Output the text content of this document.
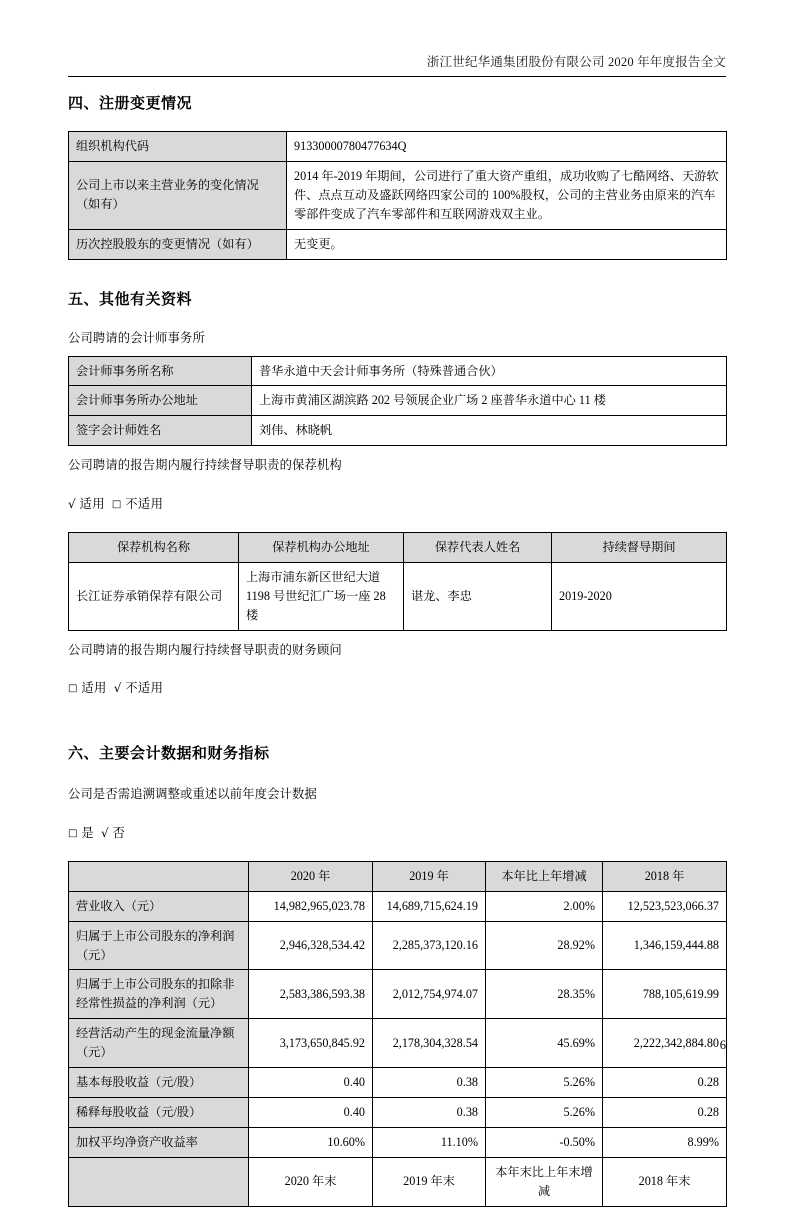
浙江世纪华通集团股份有限公司 2020 年年度报告全文
四、注册变更情况
组织机构代码	91330000780477634Q
公司上市以来主营业务的变化情况（如有）	2014 年-2019 年期间，公司进行了重大资产重组，成功收购了七酷网络、天游软件、点点互动及盛跃网络四家公司的 100%股权，公司的主营业务由原来的汽车零部件变成了汽车零部件和互联网游戏双主业。
历次控股股东的变更情况（如有）	无变更。
五、其他有关资料

公司聘请的会计师事务所

会计师事务所名称	普华永道中天会计师事务所（特殊普通合伙）
会计师事务所办公地址	上海市黄浦区湖滨路 202 号领展企业广场 2 座普华永道中心 11 楼
签字会计师姓名	刘伟、林晓帆

公司聘请的报告期内履行持续督导职责的保荐机构

√ 适用 □ 不适用

保荐机构名称	保荐机构办公地址	保荐代表人姓名	持续督导期间
长江证券承销保荐有限公司	上海市浦东新区世纪大道 1198 号世纪汇广场一座 28 楼	谌龙、李忠	2019-2020

公司聘请的报告期内履行持续督导职责的财务顾问

□ 适用 √ 不适用

六、主要会计数据和财务指标

公司是否需追溯调整或重述以前年度会计数据

□ 是 √ 否

	2020 年	2019 年	本年比上年增减	2018 年
营业收入（元）	14,982,965,023.78	14,689,715,624.19	2.00%	12,523,523,066.37
归属于上市公司股东的净利润（元）	2,946,328,534.42	2,285,373,120.16	28.92%	1,346,159,444.88
归属于上市公司股东的扣除非经常性损益的净利润（元）	2,583,386,593.38	2,012,754,974.07	28.35%	788,105,619.99
经营活动产生的现金流量净额（元）	3,173,650,845.92	2,178,304,328.54	45.69%	2,222,342,884.80
基本每股收益（元/股）	0.40	0.38	5.26%	0.28
稀释每股收益（元/股）	0.40	0.38	5.26%	0.28
加权平均净资产收益率	10.60%	11.10%	-0.50%	8.99%
	2020 年末	2019 年末	本年末比上年末增减	2018 年末
6
